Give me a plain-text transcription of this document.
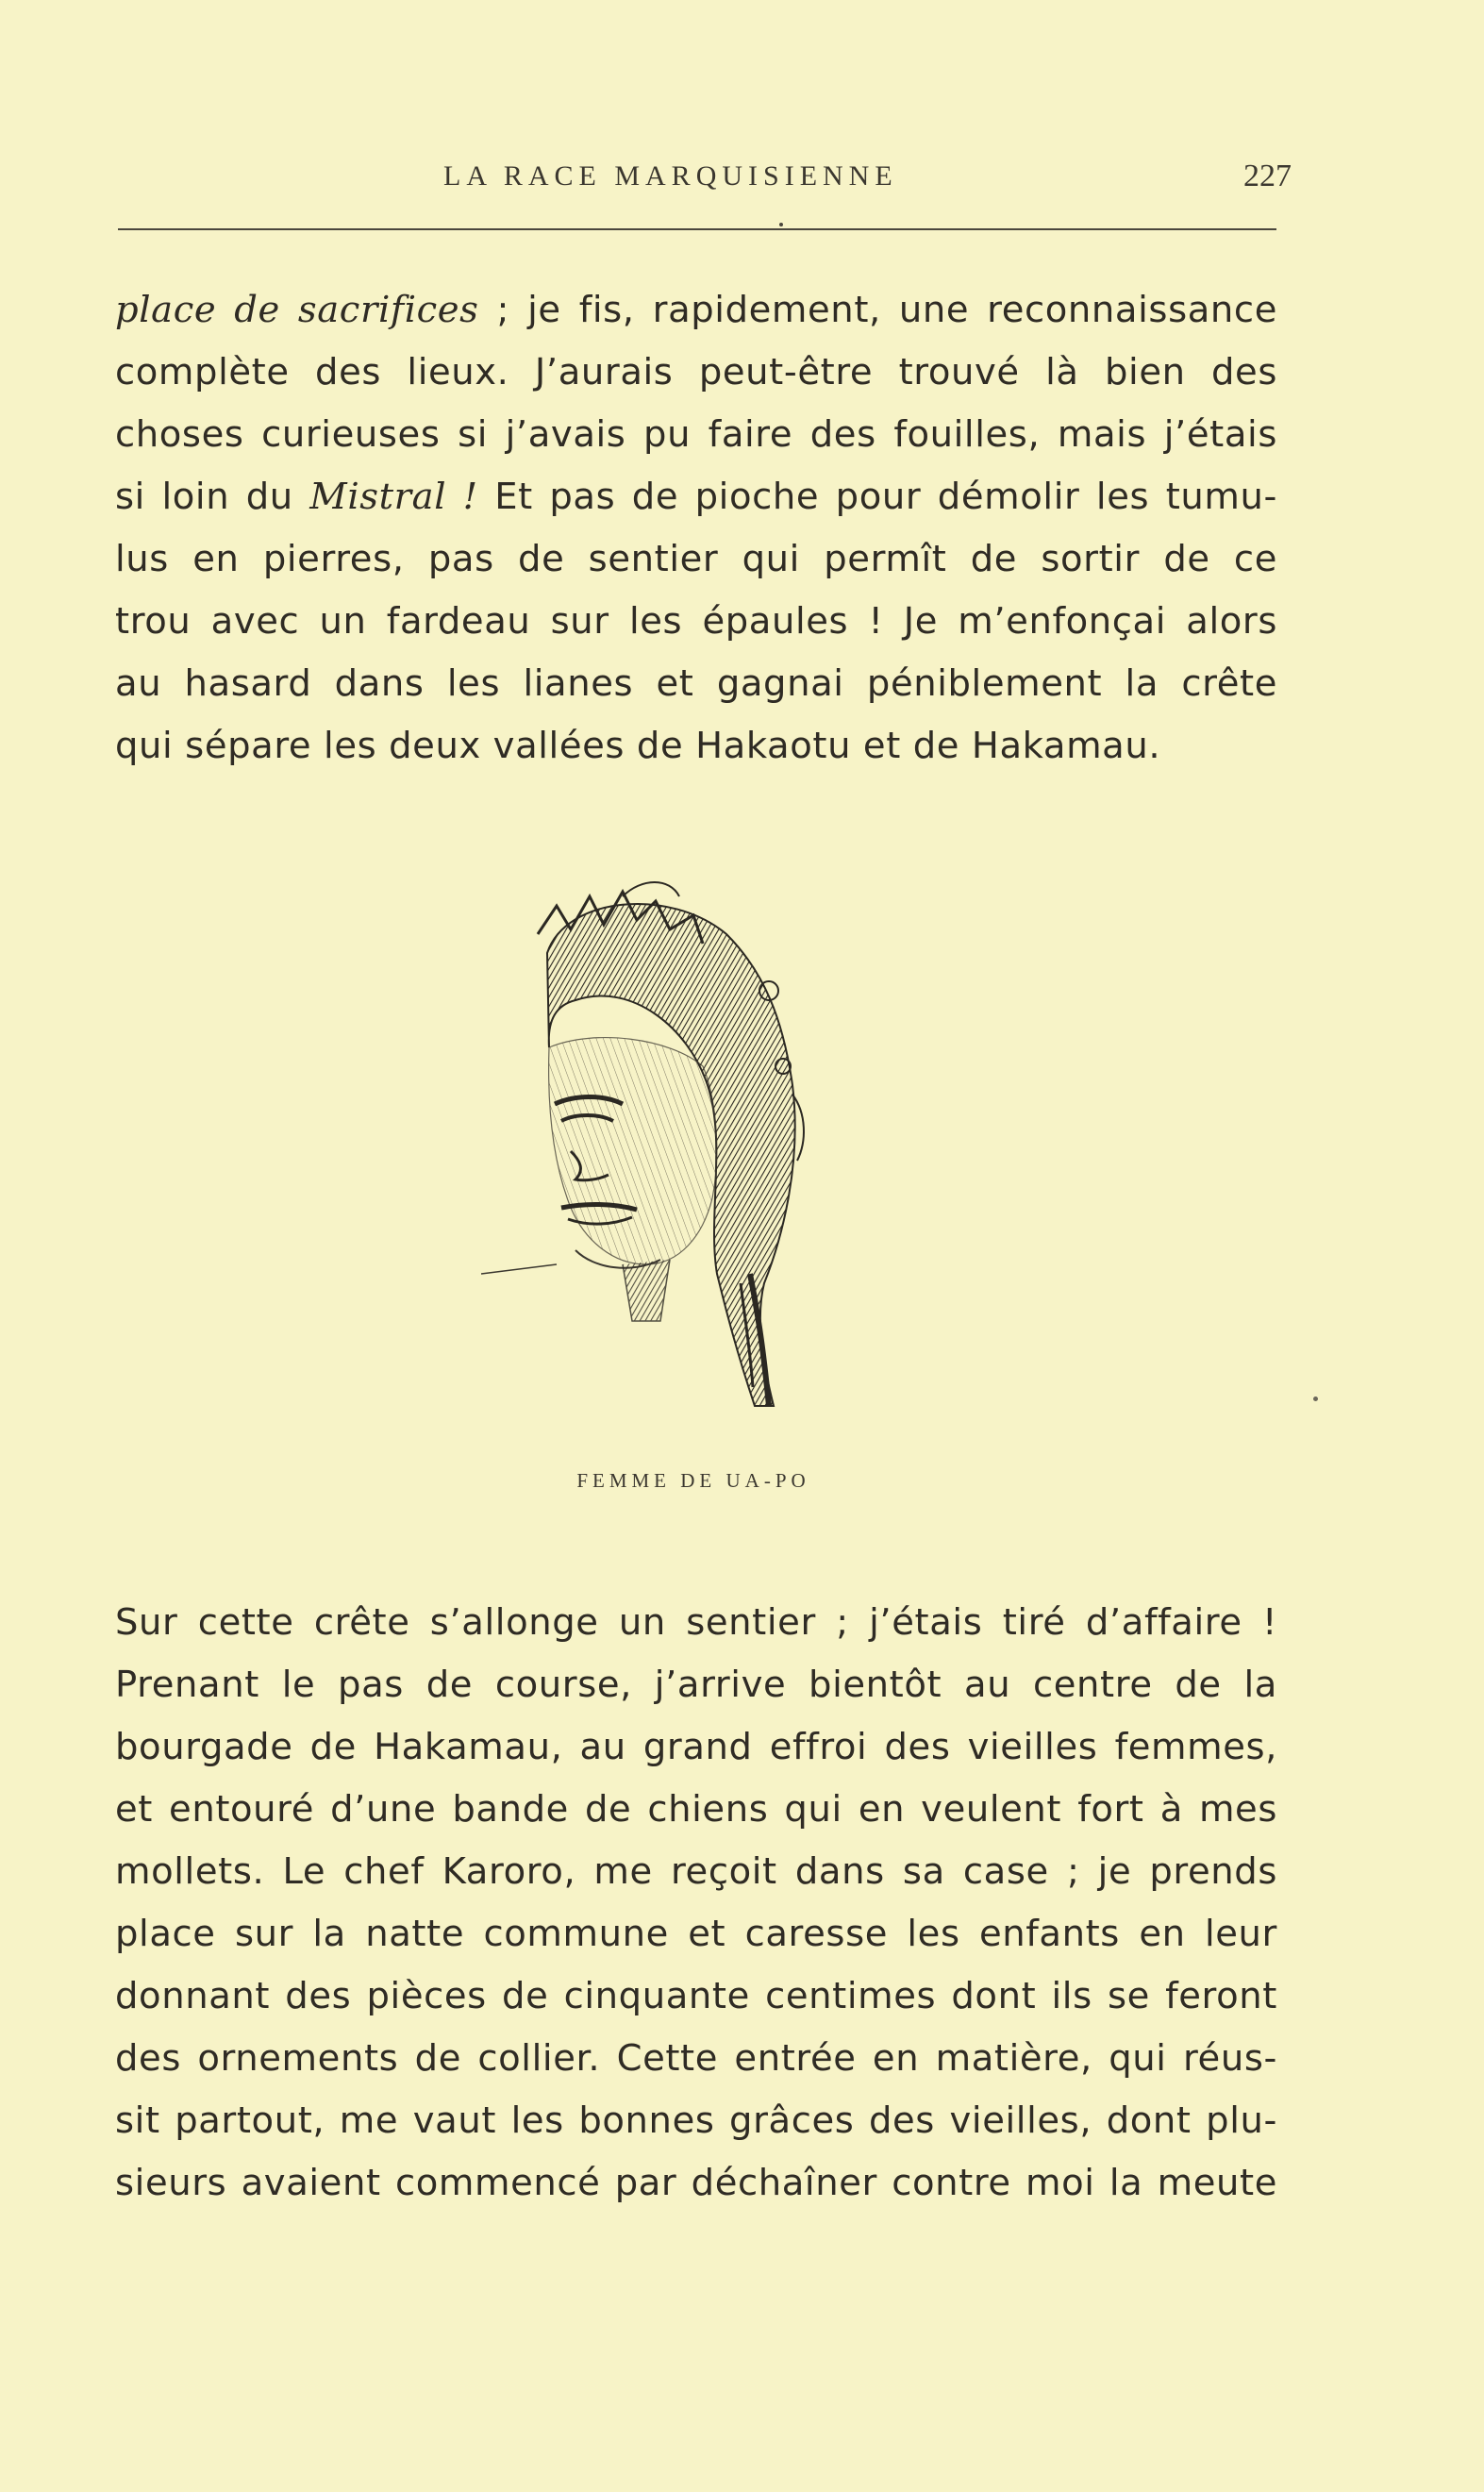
LA RACE MARQUISIENNE	227
place de sacrifices ; je fis, rapidement, une reconnaissance
complète des lieux. J’aurais peut-être trouvé là bien des
choses curieuses si j’avais pu faire des fouilles, mais j’étais
si loin du Mistral ! Et pas de pioche pour démolir les tumu-
lus en pierres, pas de sentier qui permît de sortir de ce
trou avec un fardeau sur les épaules ! Je m’enfonçai alors
au hasard dans les lianes et gagnai péniblement la crête
qui sépare les deux vallées de Hakaotu et de Hakamau.
FEMME DE UA-PO
Sur cette crête s’allonge un sentier ; j’étais tiré d’affaire !
Prenant le pas de course, j’arrive bientôt au centre de la
bourgade de Hakamau, au grand effroi des vieilles femmes,
et entouré d’une bande de chiens qui en veulent fort à mes
mollets. Le chef Karoro, me reçoit dans sa case ; je prends
place sur la natte commune et caresse les enfants en leur
donnant des pièces de cinquante centimes dont ils se feront
des ornements de collier. Cette entrée en matière, qui réus-
sit partout, me vaut les bonnes grâces des vieilles, dont plu-
sieurs avaient commencé par déchaîner contre moi la meute
